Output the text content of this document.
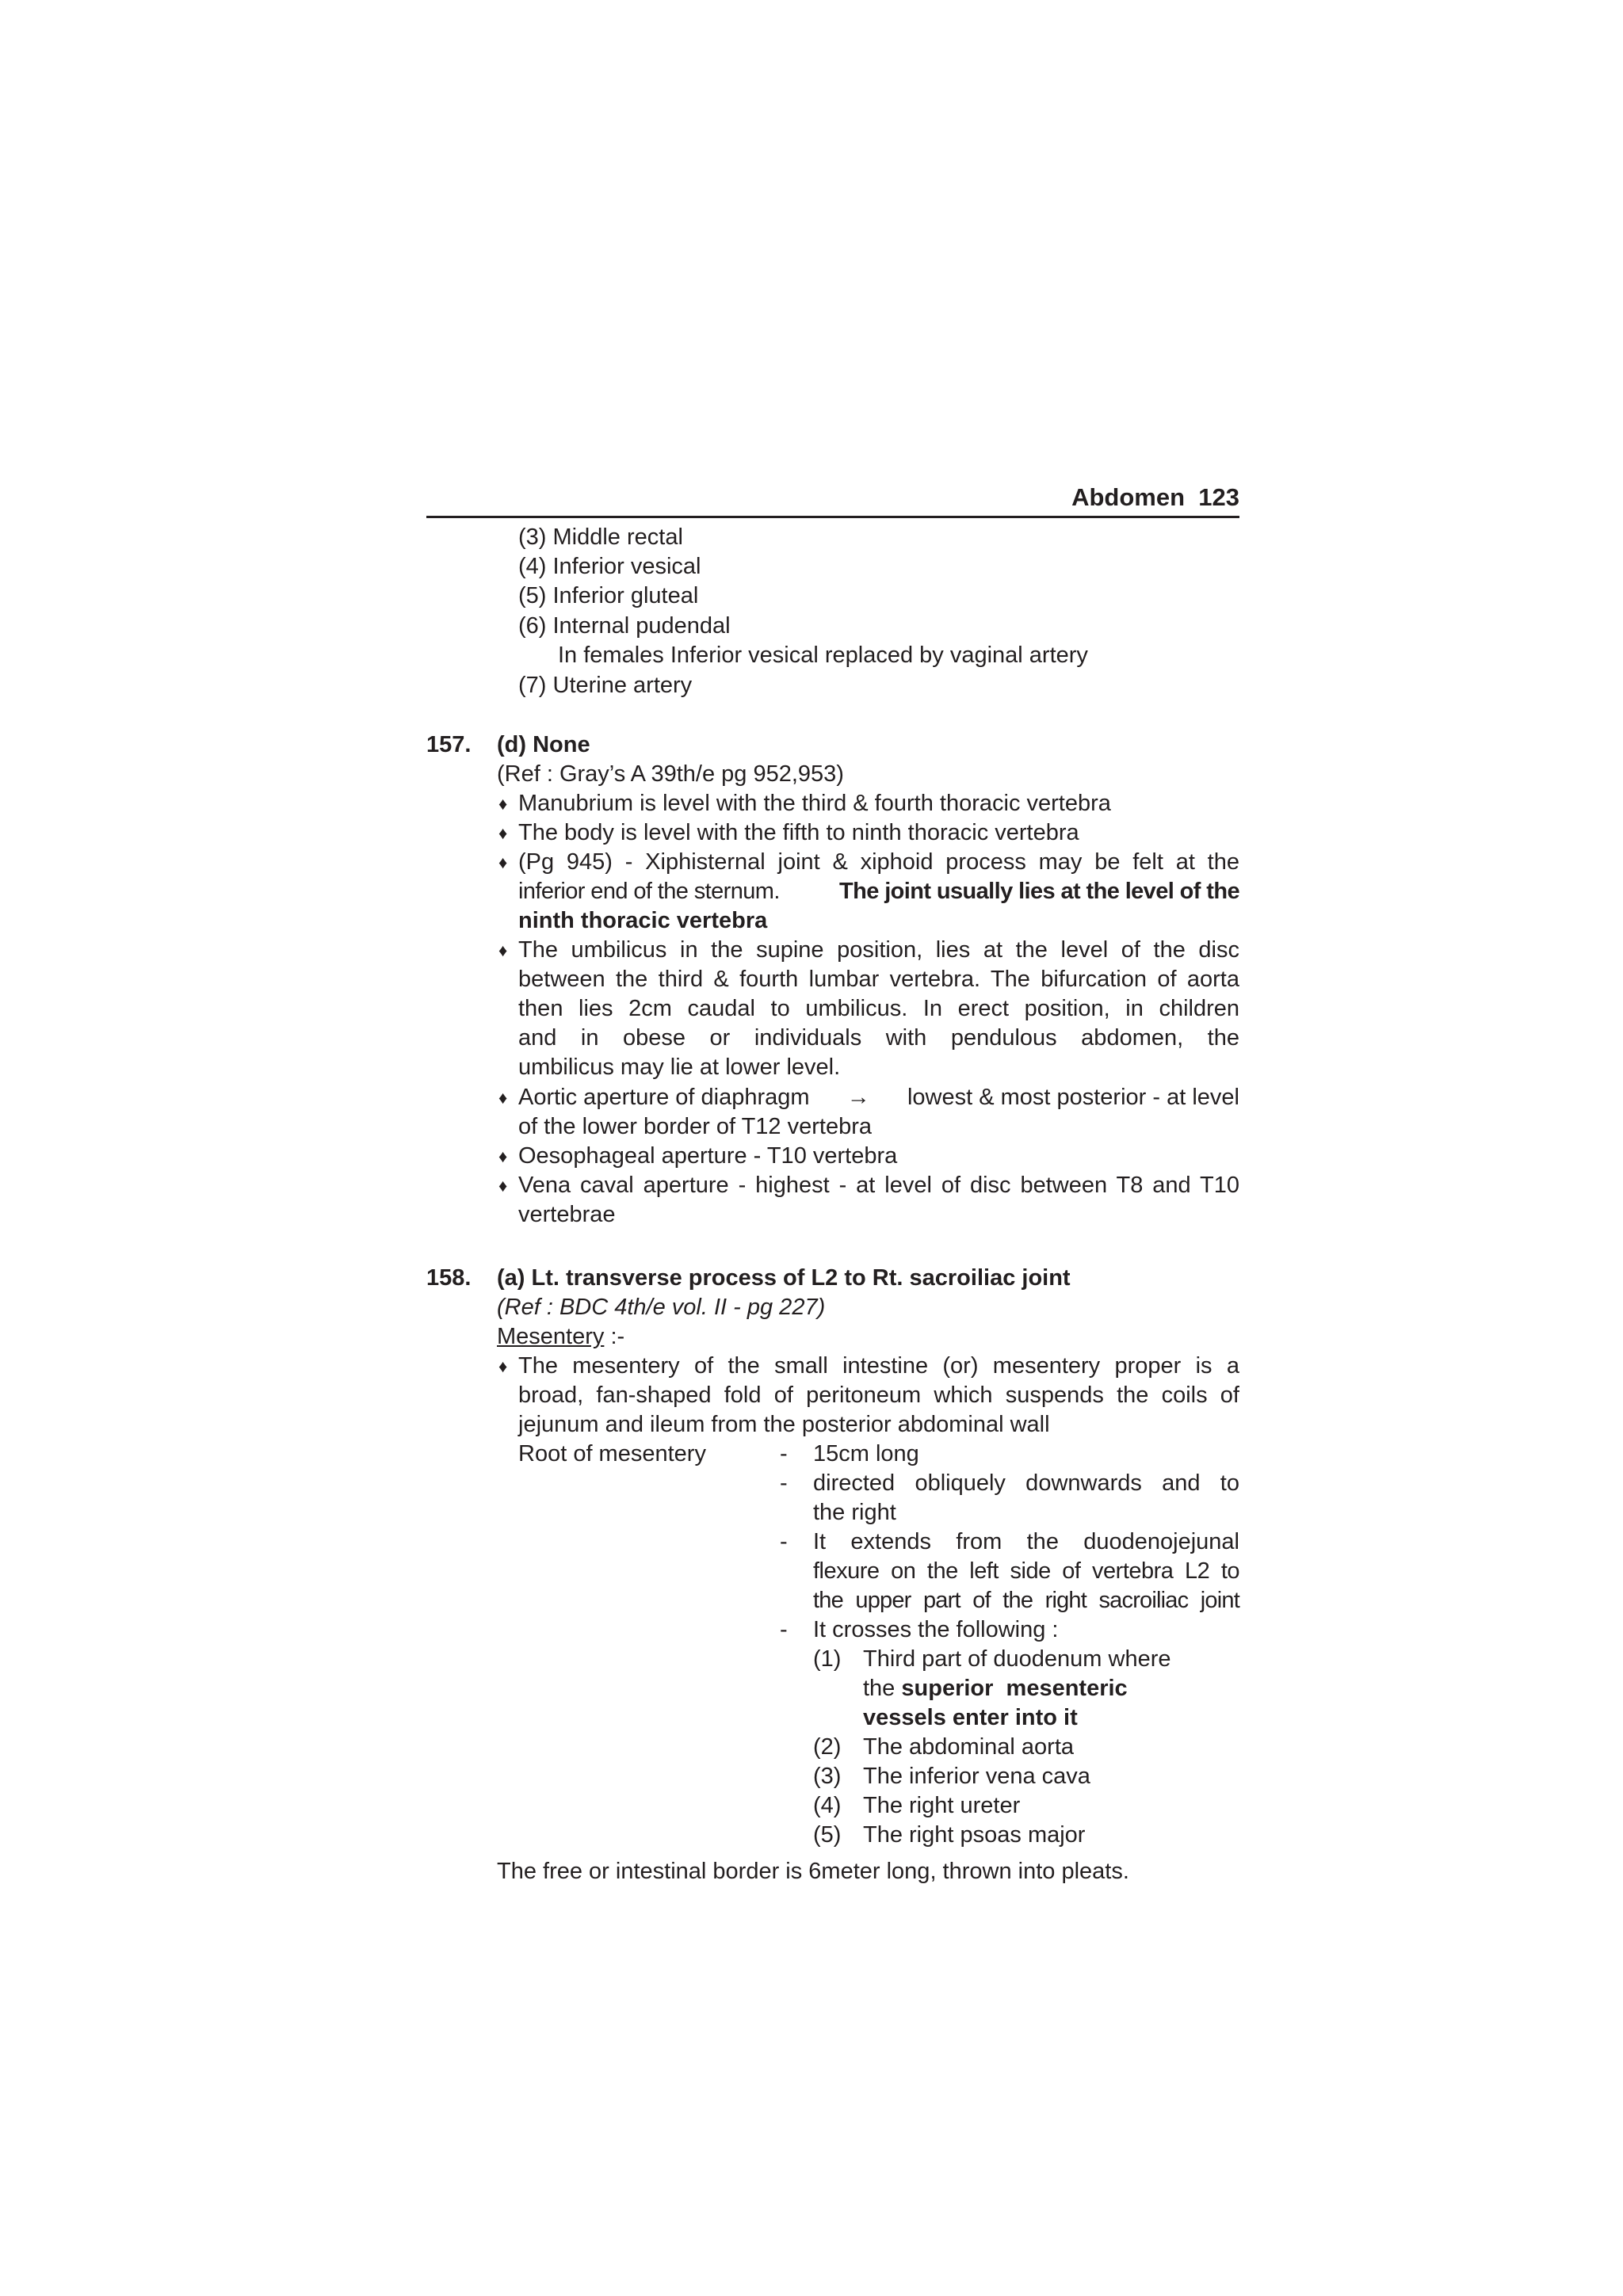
Abdomen 123
(3) Middle rectal
(4) Inferior vesical
(5) Inferior gluteal
(6) Internal pudendal
In females Inferior vesical replaced by vaginal artery
(7) Uterine artery
157. (d) None
(Ref : Gray’s A 39th/e pg 952,953)
♦ Manubrium is level with the third & fourth thoracic vertebra
♦ The body is level with the fifth to ninth thoracic vertebra
♦ (Pg 945) - Xiphisternal joint & xiphoid process may be felt at the
inferior end of the sternum.	The joint usually lies at the level of the
ninth thoracic vertebra
♦ The umbilicus in the supine position, lies at the level of the disc
between the third & fourth lumbar vertebra. The bifurcation of aorta
then lies 2cm caudal to umbilicus. In erect position, in children
and in obese or individuals with pendulous abdomen, the
umbilicus may lie at lower level.
♦ Aortic aperture of diaphragm → lowest & most posterior - at level
of the lower border of T12 vertebra
♦ Oesophageal aperture - T10 vertebra
♦ Vena caval aperture - highest - at level of disc between T8 and T10
vertebrae
158. (a) Lt. transverse process of L2 to Rt. sacroiliac joint
(Ref : BDC 4th/e vol. II - pg 227)
Mesentery :-
♦ The mesentery of the small intestine (or) mesentery proper is a
broad, fan-shaped fold of peritoneum which suspends the coils of
jejunum and ileum from the posterior abdominal wall
Root of mesentery	- 15cm long
- directed obliquely downwards and to
the right
- It extends from the duodenojejunal
flexure on the left side of vertebra L2 to
the upper part of the right sacroiliac joint
- It crosses the following :
(1) Third part of duodenum where
the superior  mesenteric
vessels enter into it
(2) The abdominal aorta
(3) The inferior vena cava
(4) The right ureter
(5) The right psoas major
The free or intestinal border is 6meter long, thrown into pleats.
